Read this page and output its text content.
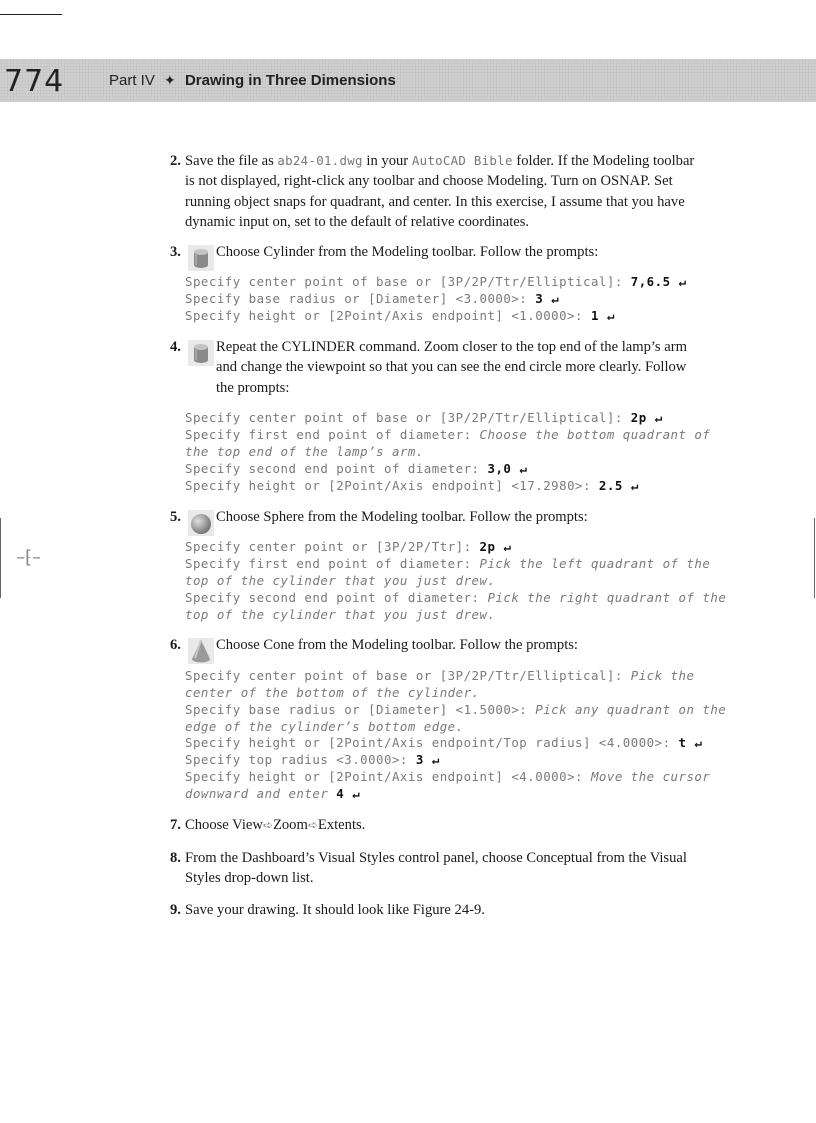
774	Part IV ✦ Drawing in Three Dimensions
–⁅–
2. Save the file as ab24-01.dwg in your AutoCAD Bible folder. If the Modeling toolbar is not displayed, right-click any toolbar and choose Modeling. Turn on OSNAP. Set running object snaps for quadrant, and center. In this exercise, I assume that you have dynamic input on, set to the default of relative coordinates.
3. Choose Cylinder from the Modeling toolbar. Follow the prompts:
Specify center point of base or [3P/2P/Ttr/Elliptical]: 7,6.5 ↵
Specify base radius or [Diameter] <3.0000>: 3 ↵
Specify height or [2Point/Axis endpoint] <1.0000>: 1 ↵
4.	Repeat the CYLINDER command. Zoom closer to the top end of the lamp’s arm
and change the viewpoint so that you can see the end circle more clearly. Follow the prompts:
Specify center point of base or [3P/2P/Ttr/Elliptical]: 2p ↵
Specify first end point of diameter: Choose the bottom quadrant of
the top end of the lamp’s arm.
Specify second end point of diameter: 3,0 ↵
Specify height or [2Point/Axis endpoint] <17.2980>: 2.5 ↵
5. Choose Sphere from the Modeling toolbar. Follow the prompts:
Specify center point or [3P/2P/Ttr]: 2p ↵
Specify first end point of diameter: Pick the left quadrant of the
top of the cylinder that you just drew.
Specify second end point of diameter: Pick the right quadrant of the
top of the cylinder that you just drew.
6. Choose Cone from the Modeling toolbar. Follow the prompts:
Specify center point of base or [3P/2P/Ttr/Elliptical]: Pick the
center of the bottom of the cylinder.
Specify base radius or [Diameter] <1.5000>: Pick any quadrant on the
edge of the cylinder’s bottom edge.
Specify height or [2Point/Axis endpoint/Top radius] <4.0000>: t ↵
Specify top radius <3.0000>: 3 ↵
Specify height or [2Point/Axis endpoint] <4.0000>: Move the cursor
downward and enter 4 ↵
7. Choose View➪Zoom➪Extents.
8. From the Dashboard’s Visual Styles control panel, choose Conceptual from the Visual Styles drop-down list.
9. Save your drawing. It should look like Figure 24-9.
